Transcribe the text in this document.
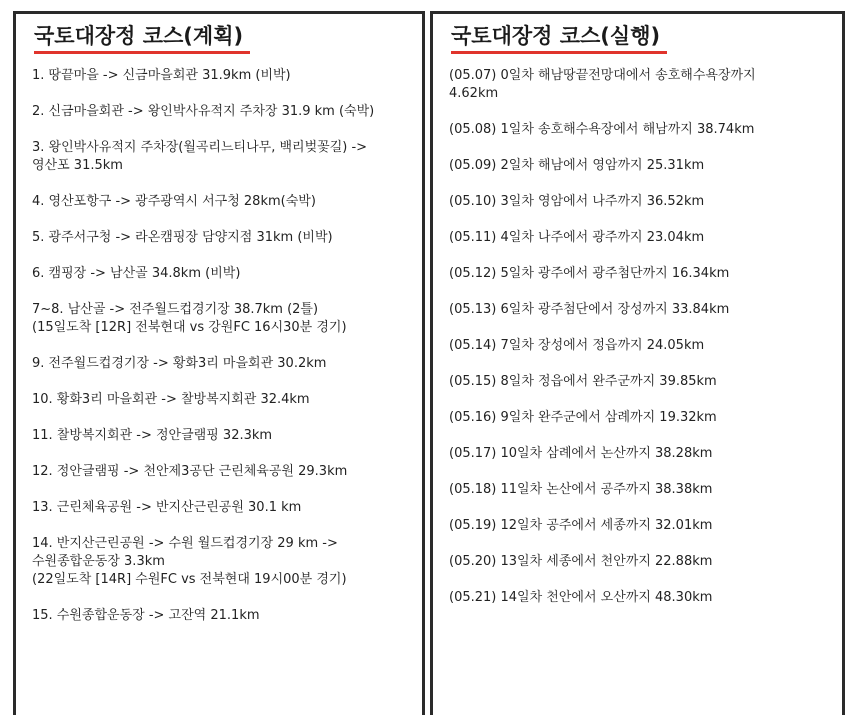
국토대장정 코스(계획)
1. 땅끝마을 -> 신금마을회관 31.9km (비박)
2. 신금마을회관 -> 왕인박사유적지 주차장 31.9 km (숙박)
3. 왕인박사유적지 주차장(월곡리느티나무, 백리벚꽃길) ->
영산포 31.5km
4. 영산포항구 -> 광주광역시 서구청 28km(숙박)
5. 광주서구청 -> 라온캠핑장 담양지점 31km (비박)
6. 캠핑장 -> 남산골 34.8km (비박)
7~8. 남산골 -> 전주월드컵경기장 38.7km (2틀)
(15일도착 [12R] 전북현대 vs 강원FC 16시30분 경기)
9. 전주월드컵경기장 -> 황화3리 마을회관 30.2km
10. 황화3리 마을회관 -> 찰방복지회관 32.4km
11. 찰방복지회관 -> 정안글램핑 32.3km
12. 정안글램핑 -> 천안제3공단 근린체육공원 29.3km
13. 근린체육공원 -> 반지산근린공원 30.1 km
14. 반지산근린공원 -> 수원 월드컵경기장 29 km ->
수원종합운동장 3.3km
(22일도착 [14R] 수원FC vs 전북현대 19시00분 경기)
15. 수원종합운동장 -> 고잔역 21.1km
국토대장정 코스(실행)
(05.07) 0일차 해남땅끝전망대에서 송호해수욕장까지
4.62km
(05.08) 1일차 송호해수욕장에서 해남까지 38.74km
(05.09) 2일차 해남에서 영암까지 25.31km
(05.10) 3일차 영암에서 나주까지 36.52km
(05.11) 4일차 나주에서 광주까지 23.04km
(05.12) 5일차 광주에서 광주첨단까지 16.34km
(05.13) 6일차 광주첨단에서 장성까지 33.84km
(05.14) 7일차 장성에서 정읍까지 24.05km
(05.15) 8일차 정읍에서 완주군까지 39.85km
(05.16) 9일차 완주군에서 삼례까지 19.32km
(05.17) 10일차 삼례에서 논산까지 38.28km
(05.18) 11일차 논산에서 공주까지 38.38km
(05.19) 12일차 공주에서 세종까지 32.01km
(05.20) 13일차 세종에서 천안까지 22.88km
(05.21) 14일차 천안에서 오산까지 48.30km
